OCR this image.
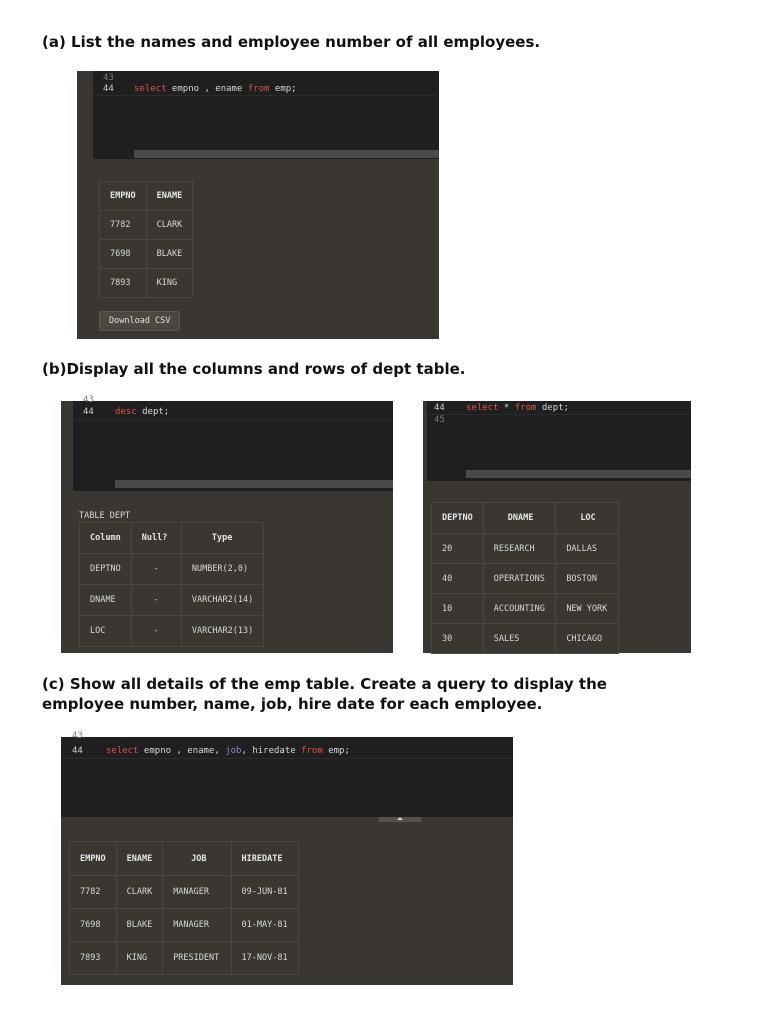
(a) List the names and employee number of all employees.
43
44 select empno , ename from emp;
EMPNO	ENAME
7782	CLARK
7698	BLAKE
7893	KING
Download CSV
(b)Display all the columns and rows of dept table.
43
44 desc dept;
TABLE DEPT
Column	Null?	Type
DEPTNO	-	NUMBER(2,0)
DNAME	-	VARCHAR2(14)
LOC	-	VARCHAR2(13)
44
45
select * from dept;
DEPTNO	DNAME	LOC
20	RESEARCH	DALLAS
40	OPERATIONS	BOSTON
10	ACCOUNTING	NEW YORK
30	SALES	CHICAGO
(c) Show all details of the emp table. Create a query to display the employee number, name, job, hire date for each employee.
43
44	select empno , ename, job, hiredate from emp;
EMPNO	ENAME	JOB	HIREDATE
7782	CLARK	MANAGER	09-JUN-81
7698	BLAKE	MANAGER	01-MAY-81
7893	KING	PRESIDENT	17-NOV-81
